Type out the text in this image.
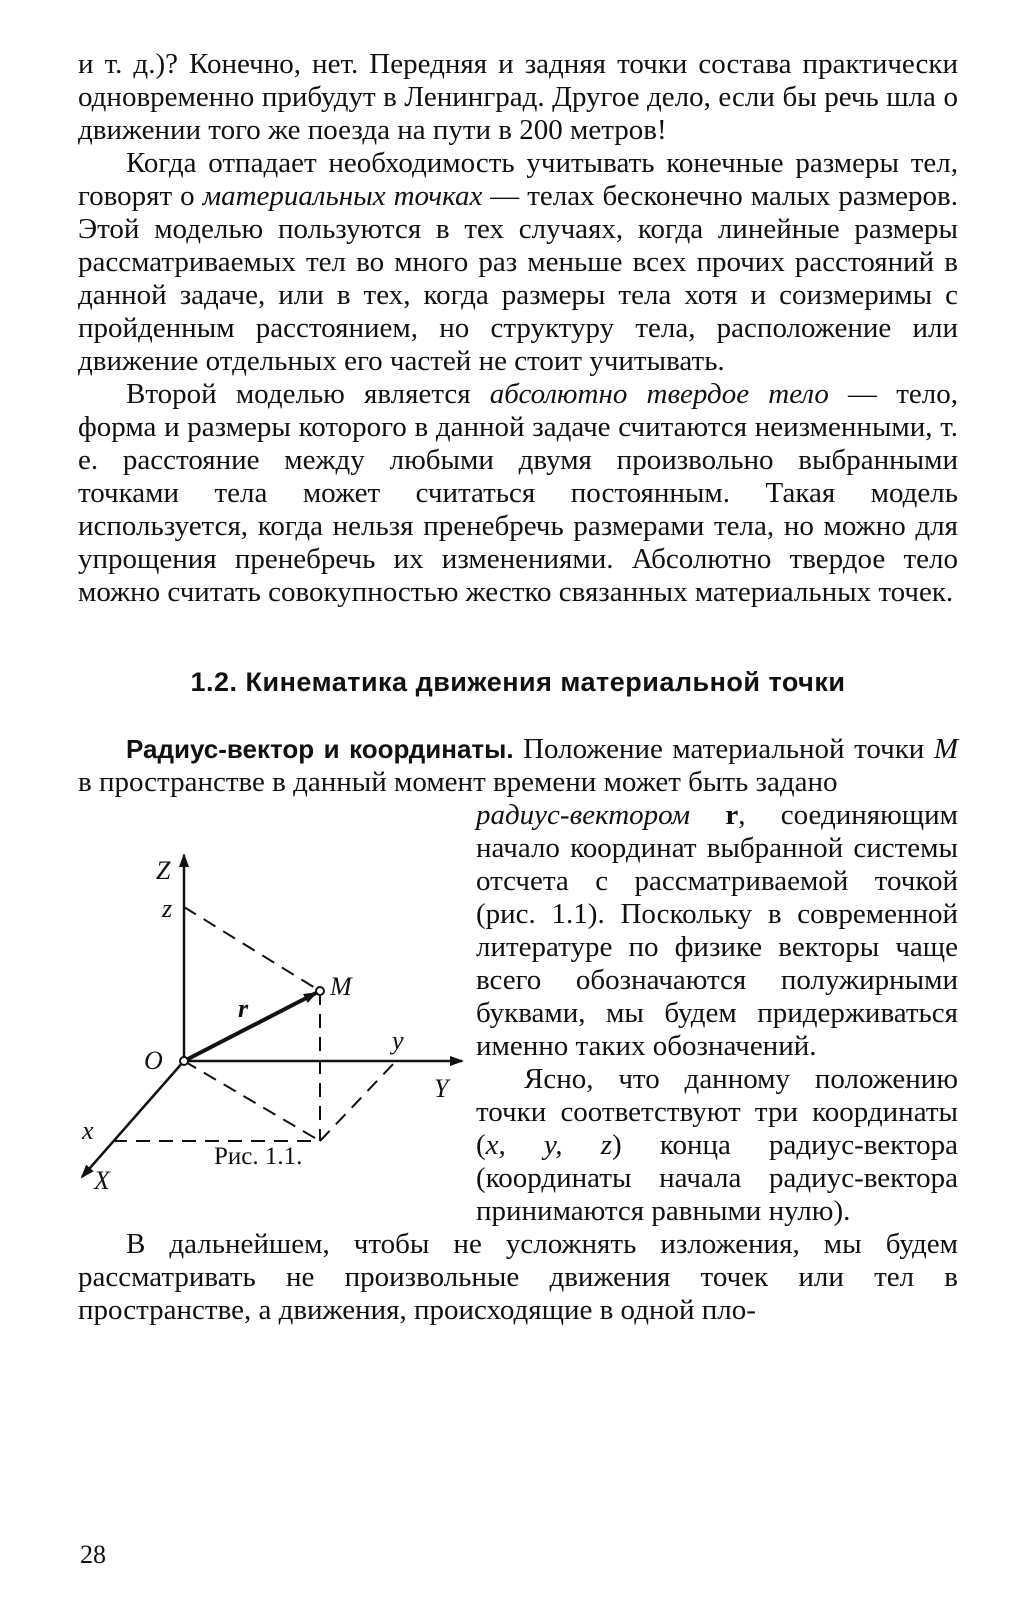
и т. д.)? Конечно, нет. Передняя и задняя точки состава практически одновременно прибудут в Ленинград. Другое дело, если бы речь шла о движении того же поезда на пути в 200 метров!

Когда отпадает необходимость учитывать конечные размеры тел, говорят о материальных точках — телах бесконечно малых размеров. Этой моделью пользуются в тех случаях, когда линейные размеры рассматриваемых тел во много раз меньше всех прочих расстояний в данной задаче, или в тех, когда размеры тела хотя и соизмеримы с пройденным расстоянием, но структуру тела, расположение или движение отдельных его частей не стоит учитывать.

Второй моделью является абсолютно твердое тело — тело, форма и размеры которого в данной задаче считаются неизменными, т. е. расстояние между любыми двумя произвольно выбранными точками тела может считаться постоянным. Такая модель используется, когда нельзя пренебречь размерами тела, но можно для упрощения пренебречь их изменениями. Абсолютно твердое тело можно считать совокупностью жестко связанных материальных точек.

1.2. Кинематика движения материальной точки

Радиус-вектор и координаты. Положение материальной точки М в пространстве в данный момент времени может быть задано

Z
z
M
r
O
y
Y
x
X
Рис. 1.1.

радиус-вектором r, соединяющим начало координат выбранной системы отсчета с рассматриваемой точкой (рис. 1.1). Поскольку в современной литературе по физике векторы чаще всего обозначаются полужирными буквами, мы будем придерживаться именно таких обозначений.

Ясно, что данному положению точки соответствуют три координаты (x, y, z) конца радиус-вектора (координаты начала радиус-вектора принимаются равными нулю).

В дальнейшем, чтобы не усложнять изложения, мы будем рассматривать не произвольные движения точек или тел в пространстве, а движения, происходящие в одной пло-

28
